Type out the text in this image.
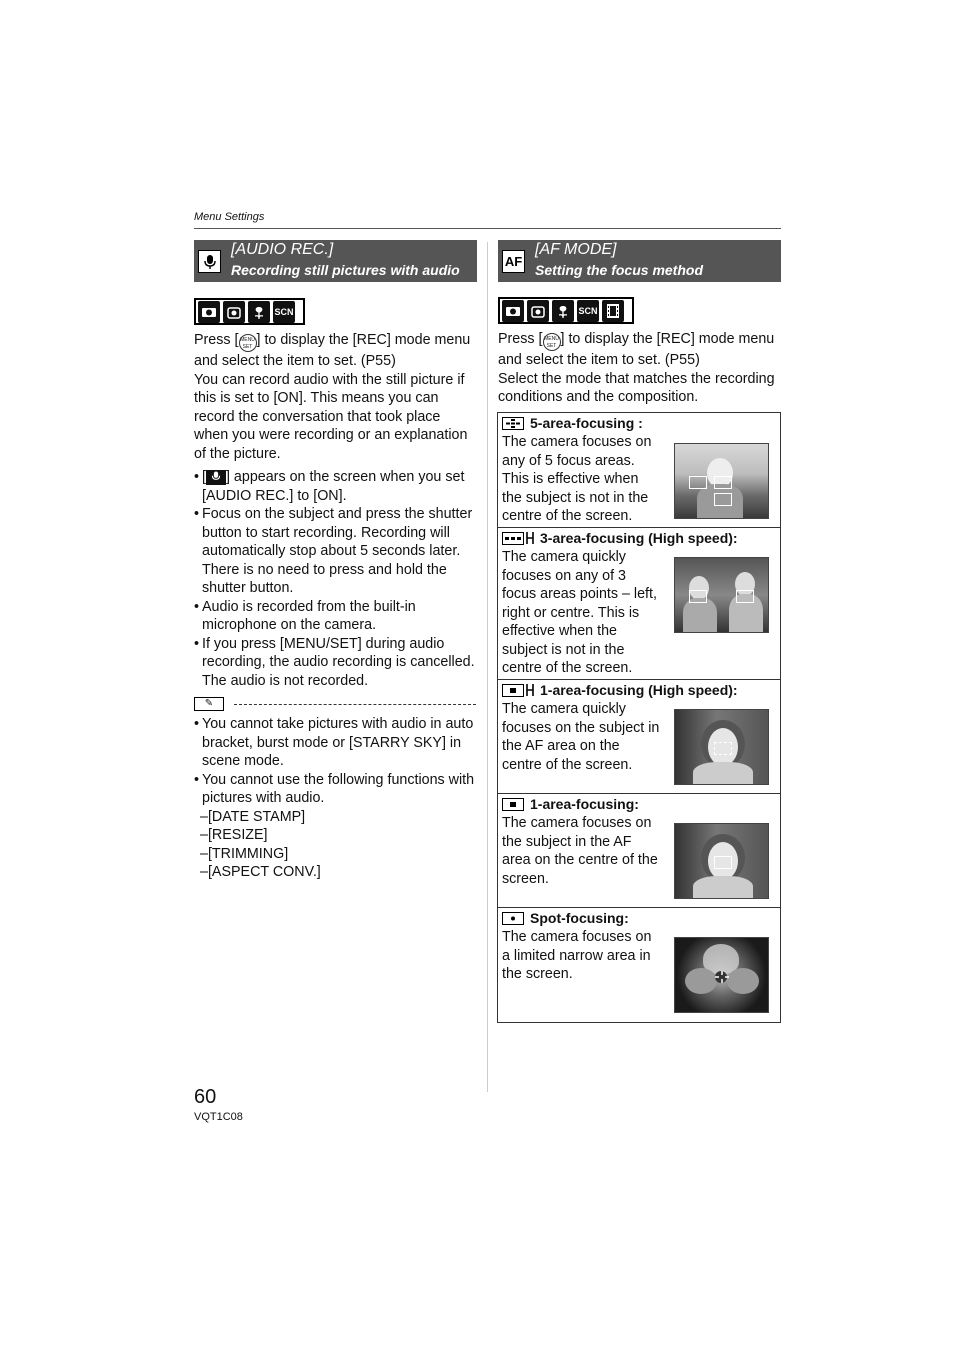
Menu Settings
[AUDIO REC.]
Recording still pictures with audio
SCN

Press [ MENU SET ] to display the [REC] mode menu and select the item to set. (P55)

You can record audio with the still picture if this is set to [ON]. This means you can record the conversation that took place when you were recording or an explanation of the picture.

• [ ] appears on the screen when you set [AUDIO REC.] to [ON].
• Focus on the subject and press the shutter button to start recording. Recording will automatically stop about 5 seconds later. There is no need to press and hold the shutter button.
• Audio is recorded from the built-in microphone on the camera.
• If you press [MENU/SET] during audio recording, the audio recording is cancelled. The audio is not recorded.
✎
• You cannot take pictures with audio in auto bracket, burst mode or [STARRY SKY] in scene mode.
• You cannot use the following functions with pictures with audio.
–[DATE STAMP]
–[RESIZE]
–[TRIMMING]
–[ASPECT CONV.]
AF
[AF MODE]
Setting the focus method
SCN

Press [ MENU SET ] to display the [REC] mode menu and select the item to set. (P55)

Select the mode that matches the recording conditions and the composition.

5-area-focusing :
The camera focuses on any of 5 focus areas. This is effective when the subject is not in the centre of the screen.
3-area-focusing (High speed):
The camera quickly focuses on any of 3 focus areas points – left, right or centre. This is effective when the subject is not in the centre of the screen.
1-area-focusing (High speed):
The camera quickly focuses on the subject in the AF area on the centre of the screen.
1-area-focusing:
The camera focuses on the subject in the AF area on the centre of the screen.
Spot-focusing:
The camera focuses on a limited narrow area in the screen.
60
VQT1C08
